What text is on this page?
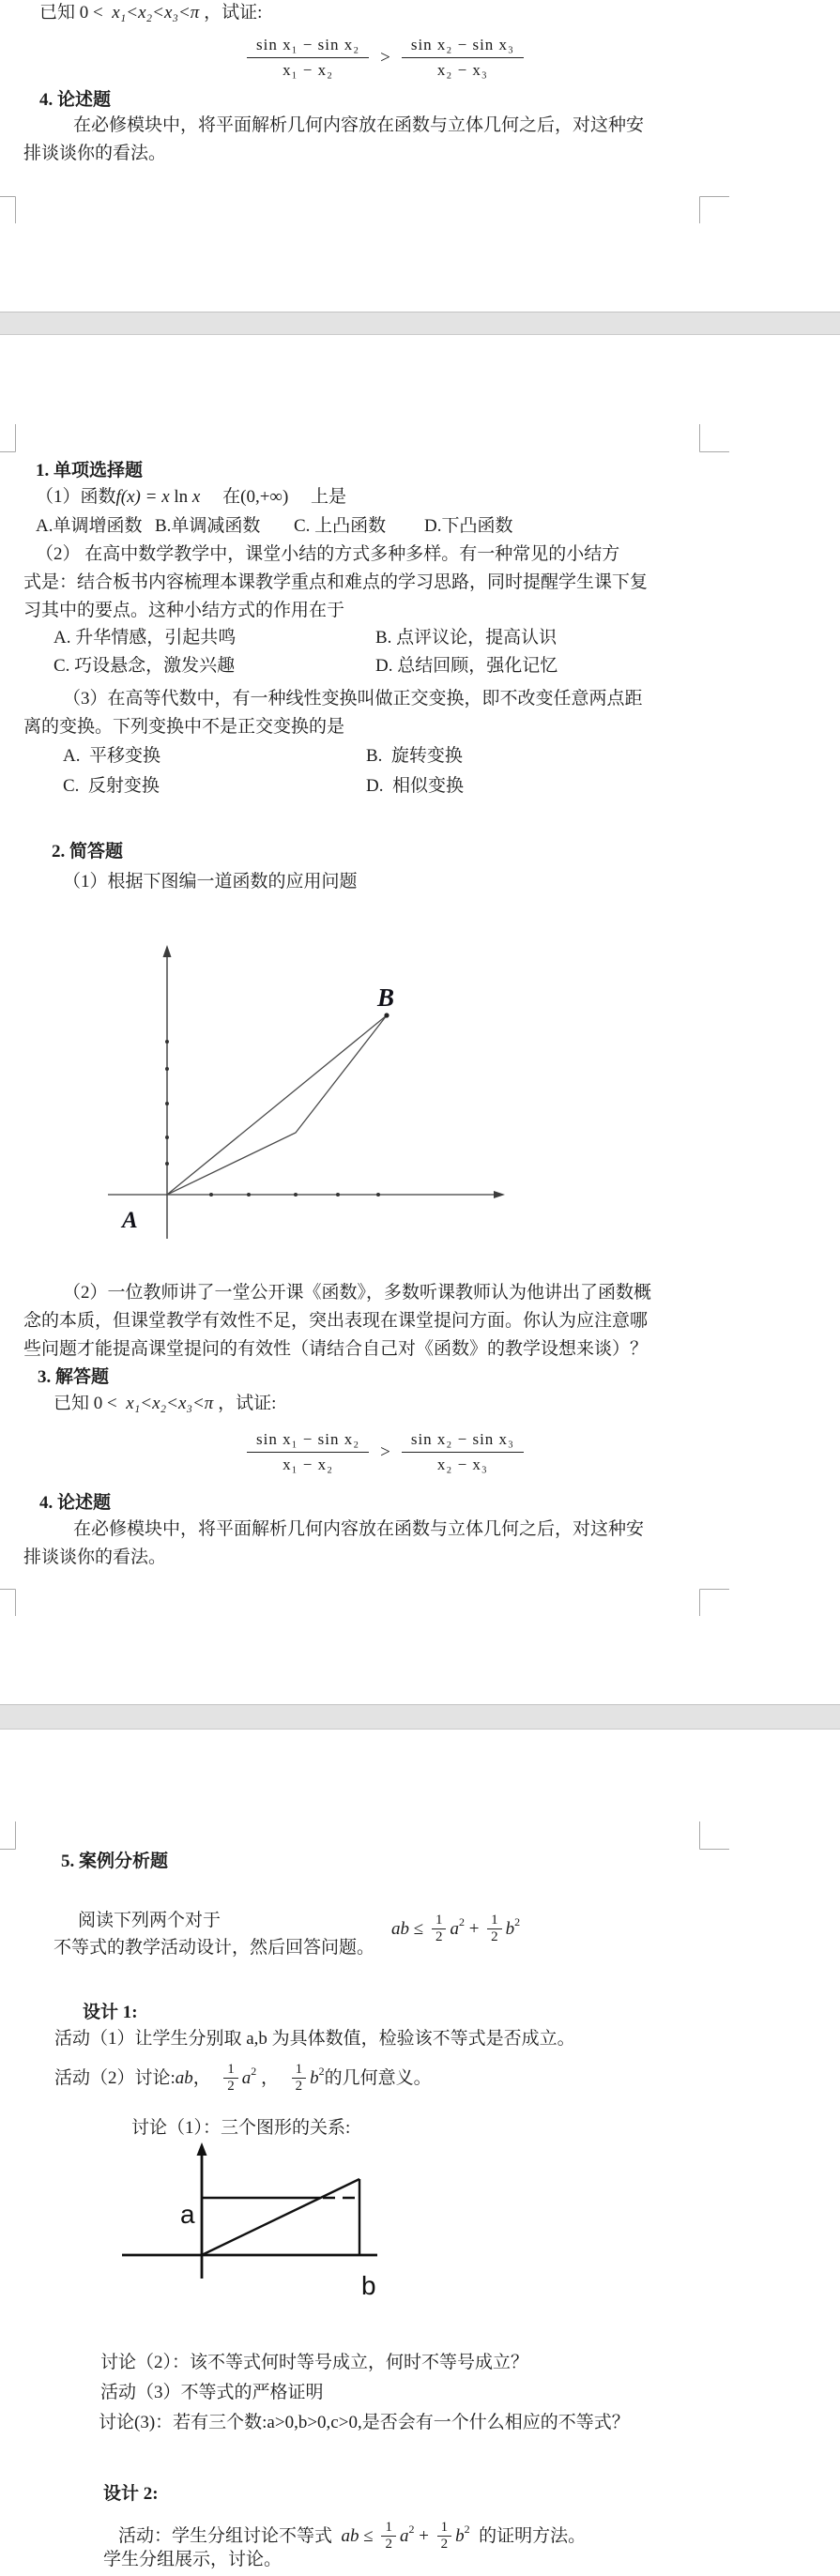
B
A
a
b
已知 0 <  x₁<x₂<x₃<π ，试证:
$\frac{\text{sin x₁ − sin x₂}}{\text{x₁ − x₂}} > \frac{\text{sin x₂ − sin x₃}}{\text{x₂ − x₃}}$
4. 论述题
在必修模块中，将平面解析几何内容放在函数与立体几何之后，对这种安
排谈谈你的看法。
1. 单项选择题
（1）函数f(x) = x ln x　 在(0,+∞)　 上是
A.单调增函数 B.单调减函数 C. 上凸函数 D.下凸函数
（2） 在高中数学教学中，课堂小结的方式多种多样。有一种常见的小结方
式是：结合板书内容梳理本课教学重点和难点的学习思路，同时提醒学生课下复
习其中的要点。这种小结方式的作用在于
A. 升华情感，引起共鸣	B. 点评议论，提高认识
C. 巧设悬念，激发兴趣	D. 总结回顾，强化记忆
（3）在高等代数中，有一种线性变换叫做正交变换，即不改变任意两点距
离的变换。下列变换中不是正交变换的是
A.  平移变换	B.  旋转变换
C.  反射变换	D.  相似变换
2. 简答题
（1）根据下图编一道函数的应用问题
（2）一位教师讲了一堂公开课《函数》，多数听课教师认为他讲出了函数概
念的本质，但课堂教学有效性不足，突出表现在课堂提问方面。你认为应注意哪
些问题才能提高课堂提问的有效性（请结合自己对《函数》的教学设想来谈）？
3. 解答题
已知 0 <  x₁<x₂<x₃<π ，试证:
$\frac{\text{sin x₁ − sin x₂}}{\text{x₁ − x₂}} > \frac{\text{sin x₂ − sin x₃}}{\text{x₂ − x₃}}$
4. 论述题
在必修模块中，将平面解析几何内容放在函数与立体几何之后，对这种安
排谈谈你的看法。
5. 案例分析题
阅读下列两个对于	ab ≤ $\frac{1}{2} a^2 + \frac{1}{2} b^2$
不等式的教学活动设计，然后回答问题。
设计 1:
活动（1）让学生分别取 a,b 为具体数值，检验该不等式是否成立。
活动（2）讨论: ab ， $\frac{1}{2} a^2$ ， $\frac{1}{2} b^2$ 的几何意义。
讨论（1）：三个图形的关系:
讨论（2）：该不等式何时等号成立，何时不等号成立？
活动（3）不等式的严格证明
讨论(3)：若有三个数:a>0,b>0,c>0,是否会有一个什么相应的不等式？
设计 2:
活动：学生分组讨论不等式 ab ≤ $\frac{1}{2} a^2 + \frac{1}{2} b^2$ 的证明方法。
学生分组展示，讨论。
